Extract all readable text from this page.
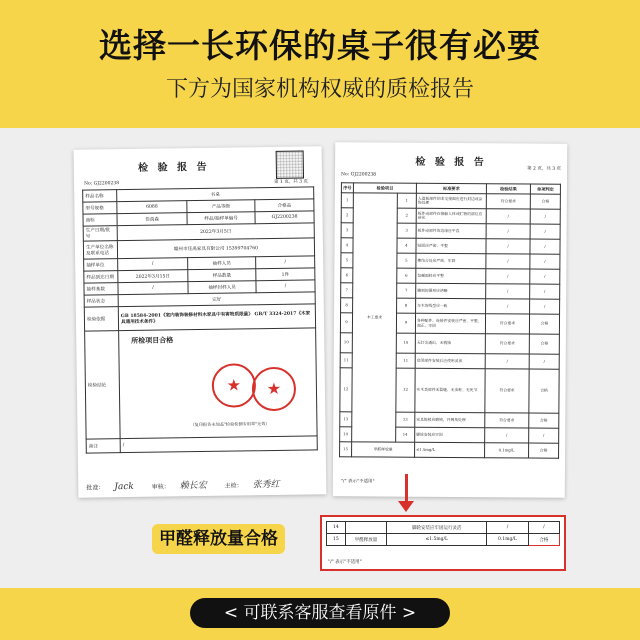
选择一长环保的桌子很有必要
下方为国家机构权威的质检报告
检 验 报 告
No: GJ2200238	第 1 页，共 3 页
样品名称	书桌		
型号规格	6088	产品等级	合格品
商标	佳禹森	样品/抽样单编号	GJ2200238
生产日期/批号	2022年3月5日		
生产单位名称及联系电话	赣州市佳禹家具有限公司 15399704760		
抽样单位	/	抽样人员	/
样品到达日期	2022年3月15日	样品数量	1件
抽样基数	/	抽样封样人员	/
样品状态	完好		
检验依据	GB 18584-2001《室内装饰装修材料木家具中有害物质限量》 GB/T 3324-2017《木家具通用技术条件》		
检验结论	所检项目合格
★ ★
（复印报告未加盖"检验检测专用章"无效）		

备注	/		
批准： Jack	审核： 赖长宏	主检： 张秀红
检 验 报 告
No: GJ2200238
第 2 页，共 3 页
序号	检验项目		标准要求	检验结果	单项判定
1	木工要求	1	人造板部件的非交接面应进行封边或涂饰处理	符合要求	合格
2		2	板件或部件在接触人体或贮物的部位应砂光	/	/
3		3	板件或部件的边缘应平直	/	/
4		4	贴面应严密、平整	/	/
5		5	榫结合处应严密、牢固	/	/
6		6	包覆面料应平整	/	/
7		7	雕刻的图形应清晰	/	/
8		8	车木的线型应一致	/	/
9		9	各种配件、连接件安装应严密、平整、端正、牢固	符合要求	合格
10		10	无钉尖透出，无锈蚀	符合要求	合格
11		11	启闭部件安装后应使用灵活	/	/
12		12	实木类部件无裂缝、无虫蛀、无死节	符合要求	合格
13		13	家具锐棱应磨钝，并倒角处理	符合要求	合格
14		14	脚轮安装应牢固	/	/
15	甲醛释放量		≤1.5mg/L	0.1mg/L	合格
"/" 表示"不适用"
14		脚轮安装应牢固运行灵活	/	/
15	甲醛释放量	≤1.5mg/L	0.1mg/L	合格
"/" 表示"不适用"
甲醛释放量合格
< 可联系客服查看原件 >
